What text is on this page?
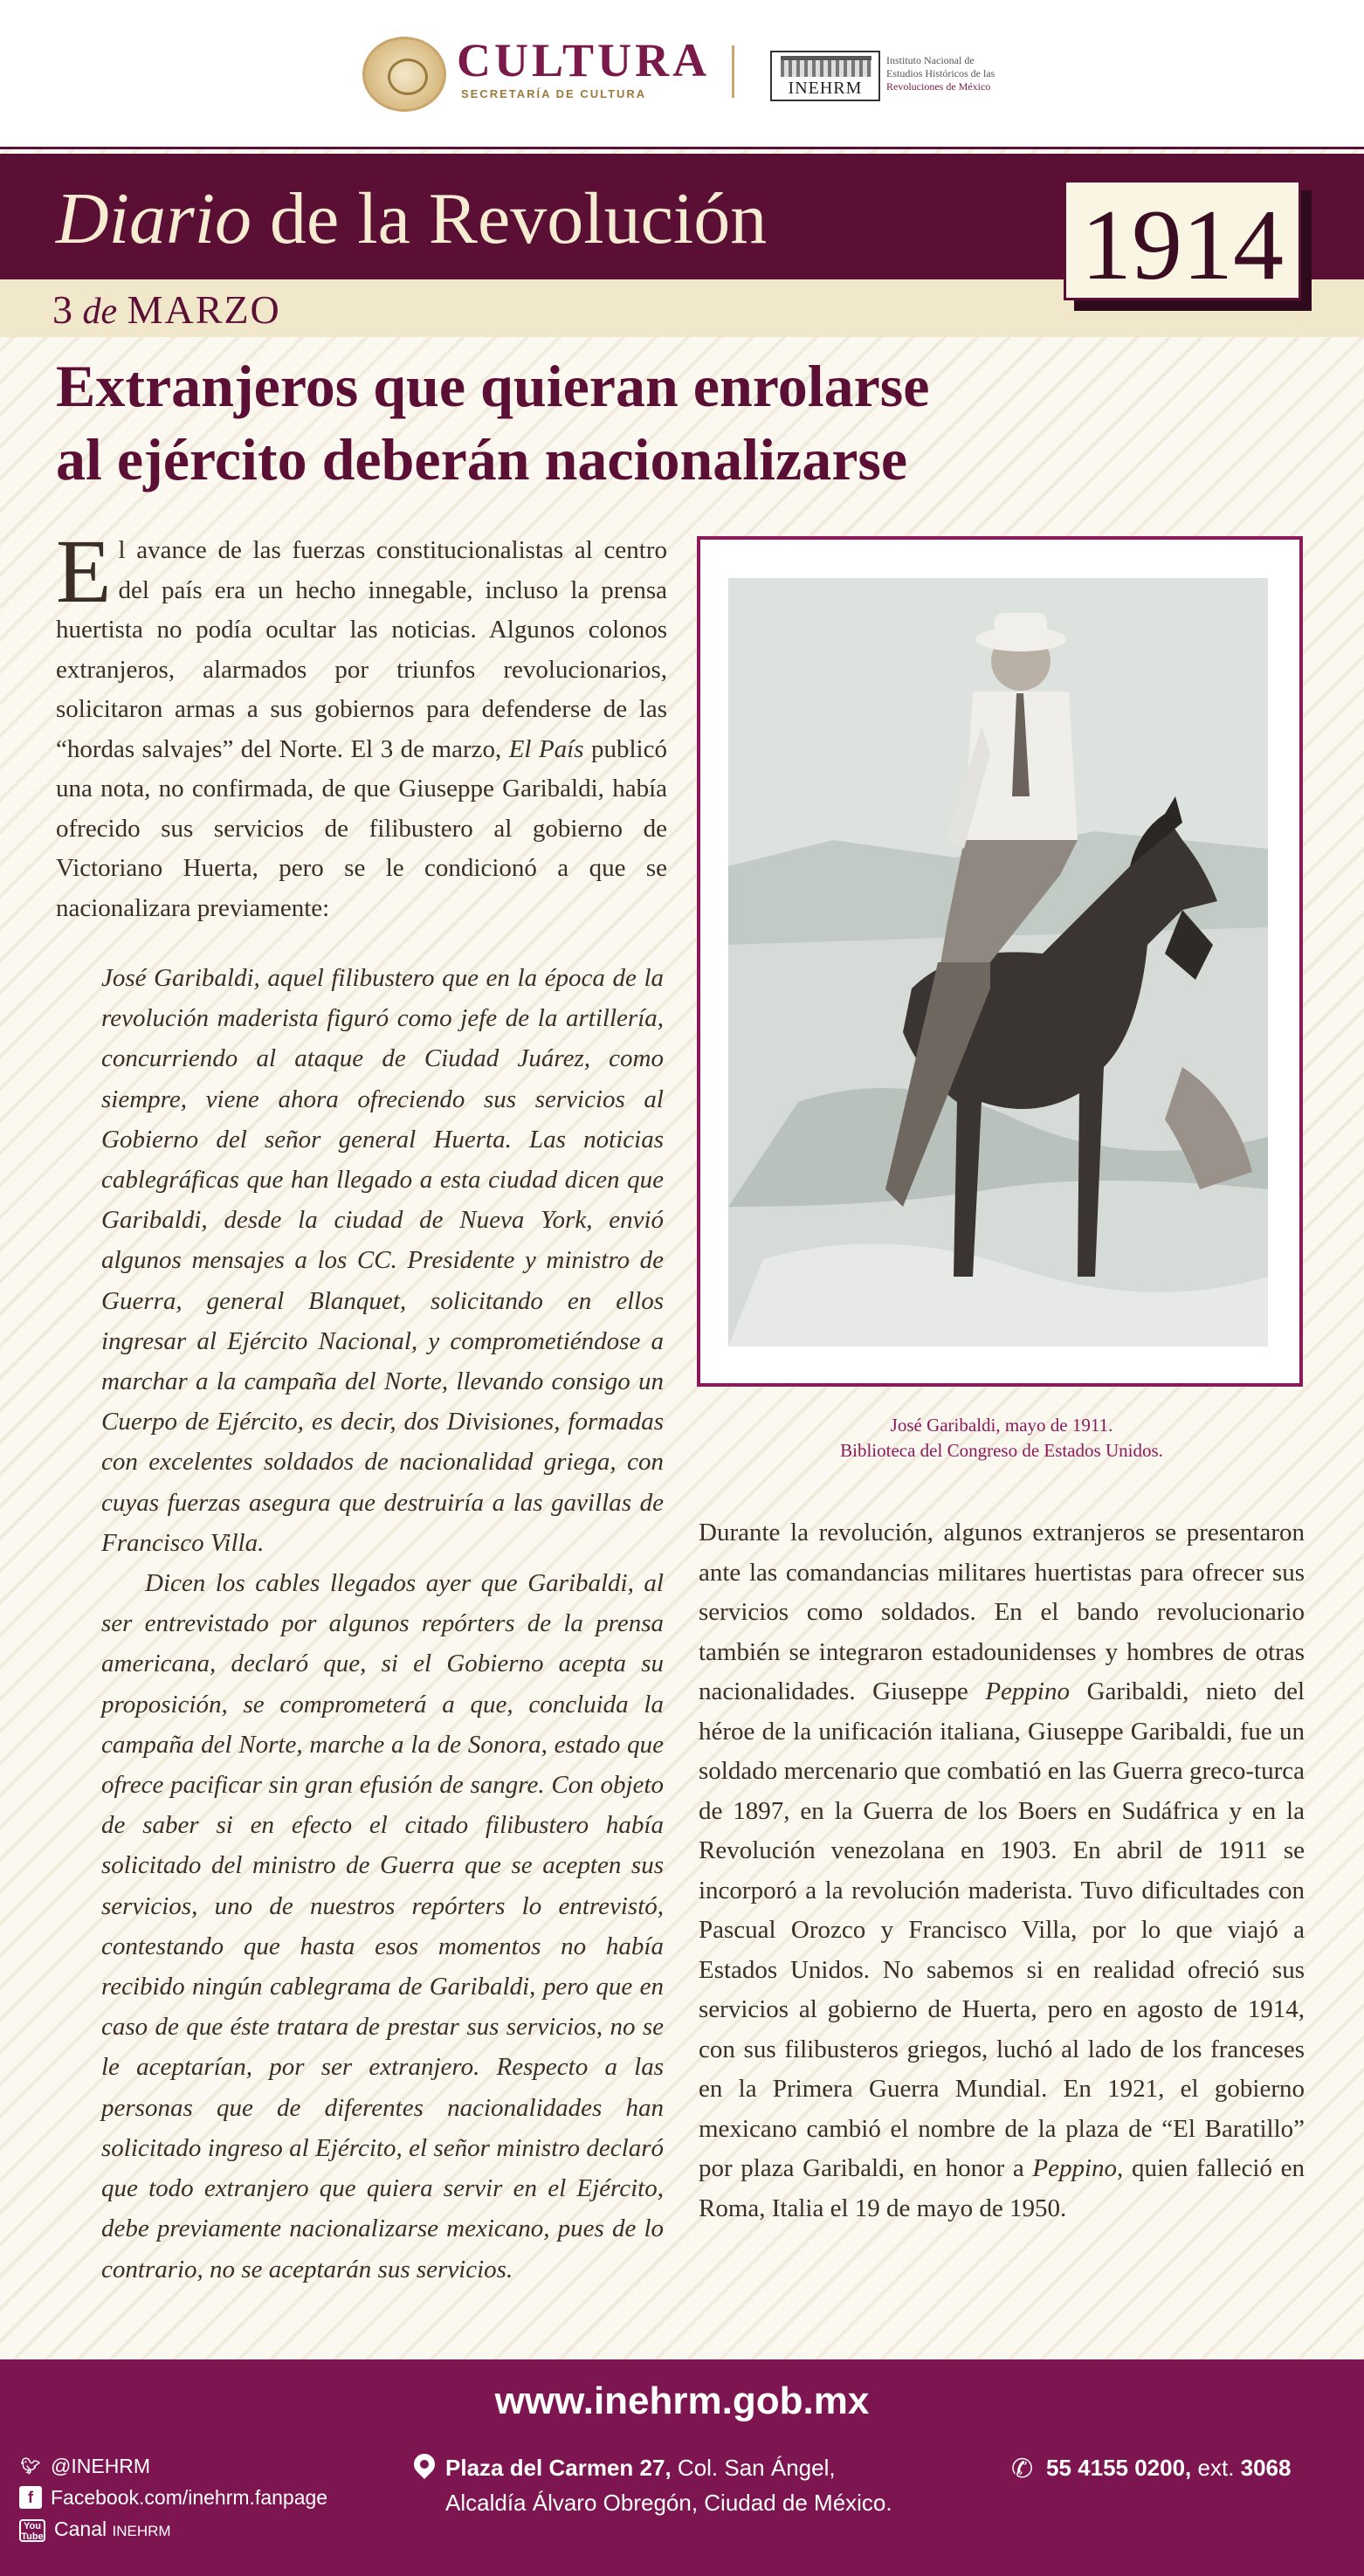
CULTURA
SECRETARÍA DE CULTURA	INEHRM
Instituto Nacional de
Estudios Históricos de las
Revoluciones de México
Diario de la Revolución
3 de MARZO
1914
Extranjeros que quieran enrolarse
al ejército deberán nacionalizarse
El avance de las fuerzas constitucionalistas al centro del país era un hecho innegable, incluso la prensa huertista no podía ocultar las noticias. Algunos colonos extranjeros, alarmados por triunfos revolucionarios, solicitaron armas a sus gobiernos para defenderse de las “hordas salvajes” del Norte. El 3 de marzo, El País publicó una nota, no confirmada, de que Giuseppe Garibaldi, había ofrecido sus servicios de filibustero al gobierno de Victoriano Huerta, pero se le condicionó a que se nacionalizara previamente:

José Garibaldi, aquel filibustero que en la época de la revolución maderista figuró como jefe de la artillería, concurriendo al ataque de Ciudad Juárez, como siempre, viene ahora ofreciendo sus servicios al Gobierno del señor general Huerta. Las noticias cablegráficas que han llegado a esta ciudad dicen que Garibaldi, desde la ciudad de Nueva York, envió algunos mensajes a los CC. Presidente y ministro de Guerra, general Blanquet, solicitando en ellos ingresar al Ejército Nacional, y comprometiéndose a marchar a la campaña del Norte, llevando consigo un Cuerpo de Ejército, es decir, dos Divisiones, formadas con excelentes soldados de nacionalidad griega, con cuyas fuerzas asegura que destruiría a las gavillas de Francisco Villa.

Dicen los cables llegados ayer que Garibaldi, al ser entrevistado por algunos repórters de la prensa americana, declaró que, si el Gobierno acepta su proposición, se comprometerá a que, concluida la campaña del Norte, marche a la de Sonora, estado que ofrece pacificar sin gran efusión de sangre. Con objeto de saber si en efecto el citado filibustero había solicitado del ministro de Guerra que se acepten sus servicios, uno de nuestros repórters lo entrevistó, contestando que hasta esos momentos no había recibido ningún cablegrama de Garibaldi, pero que en caso de que éste tratara de prestar sus servicios, no se le aceptarían, por ser extranjero. Respecto a las personas que de diferentes nacionalidades han solicitado ingreso al Ejército, el señor ministro declaró que todo extranjero que quiera servir en el Ejército, debe previamente nacionalizarse mexicano, pues de lo contrario, no se aceptarán sus servicios.

José Garibaldi, mayo de 1911.
Biblioteca del Congreso de Estados Unidos.
Durante la revolución, algunos extranjeros se presentaron ante las comandancias militares huertistas para ofrecer sus servicios como soldados. En el bando revolucionario también se integraron estadounidenses y hombres de otras nacionalidades. Giuseppe Peppino Garibaldi, nieto del héroe de la unificación italiana, Giuseppe Garibaldi, fue un soldado mercenario que combatió en las Guerra greco-turca de 1897, en la Guerra de los Boers en Sudáfrica y en la Revolución venezolana en 1903. En abril de 1911 se incorporó a la revolución maderista. Tuvo dificultades con Pascual Orozco y Francisco Villa, por lo que viajó a Estados Unidos. No sabemos si en realidad ofreció sus servicios al gobierno de Huerta, pero en agosto de 1914, con sus filibusteros griegos, luchó al lado de los franceses en la Primera Guerra Mundial. En 1921, el gobierno mexicano cambió el nombre de la plaza de “El Baratillo” por plaza Garibaldi, en honor a Peppino, quien falleció en Roma, Italia el 19 de mayo de 1950.
www.inehrm.gob.mx
🐦︎ @INEHRM
f Facebook.com/inehrm.fanpage
You Tube Canal INEHRM
Plaza del Carmen 27, Col. San Ángel,
Alcaldía Álvaro Obregón, Ciudad de México.
✆ 55 4155 0200, ext. 3068
